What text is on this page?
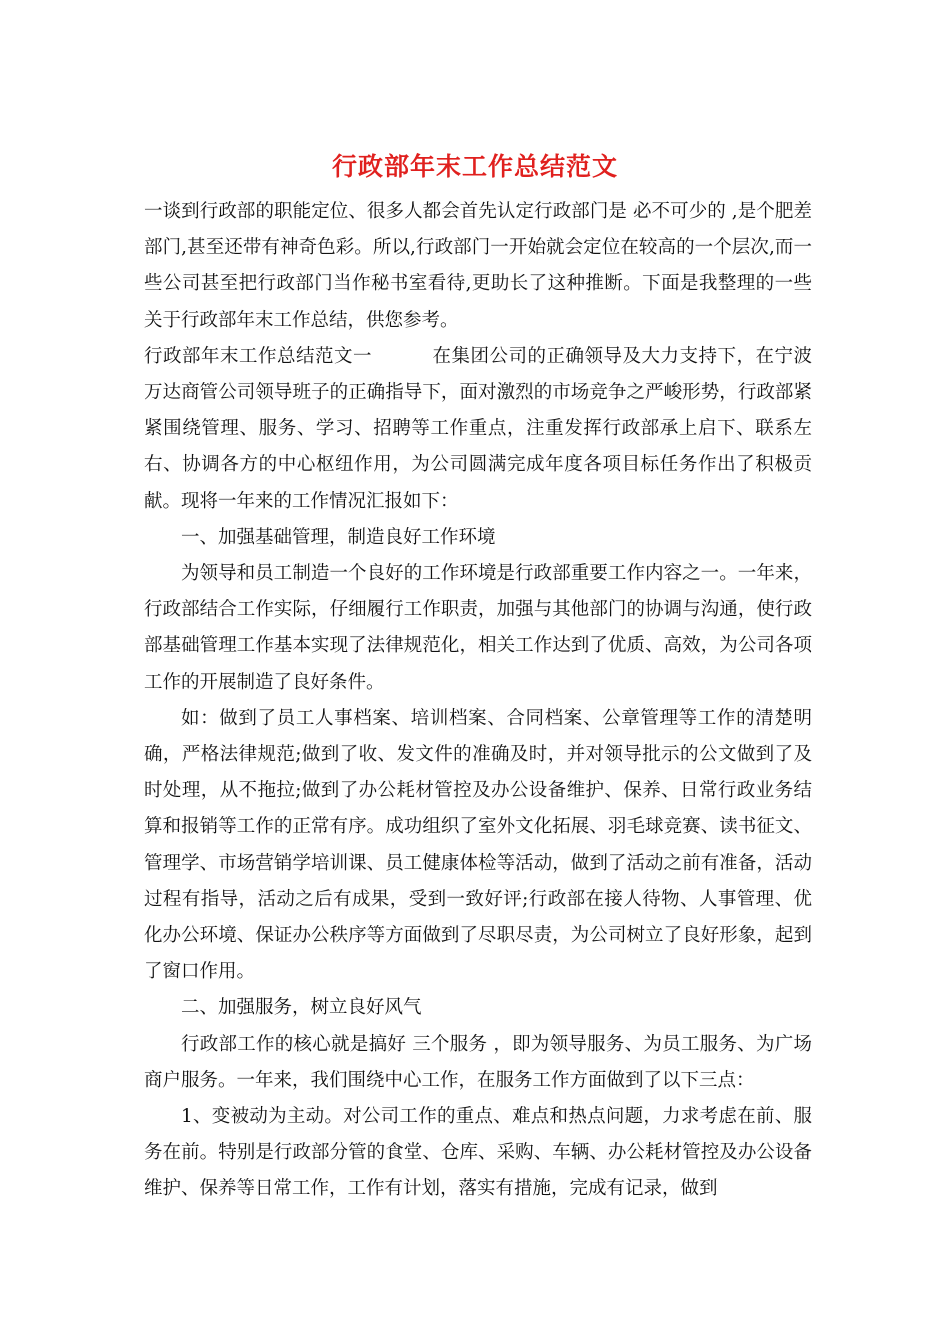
行政部年末工作总结范文

一谈到行政部的职能定位、很多人都会首先认定行政部门是 必不可少的 ,是个肥差 部门,甚至还带有神奇色彩。所以,行政部门一开始就会定位在较高的一个层次,而一些公司甚至把行政部门当作秘书室看待,更助长了这种推断。下面是我整理的一些关于行政部年末工作总结，供您参考。

行政部年末工作总结范文一	在集团公司的正确领导及大力支持下，在宁波万达商管公司领导班子的正确指导下，面对激烈的市场竞争之严峻形势，行政部紧紧围绕管理、服务、学习、招聘等工作重点，注重发挥行政部承上启下、联系左右、协调各方的中心枢纽作用，为公司圆满完成年度各项目标任务作出了积极贡献。现将一年来的工作情况汇报如下：

一、加强基础管理，制造良好工作环境

为领导和员工制造一个良好的工作环境是行政部重要工作内容之一。一年来，行政部结合工作实际，仔细履行工作职责，加强与其他部门的协调与沟通，使行政部基础管理工作基本实现了法律规范化，相关工作达到了优质、高效，为公司各项工作的开展制造了良好条件。

如：做到了员工人事档案、培训档案、合同档案、公章管理等工作的清楚明确，严格法律规范;做到了收、发文件的准确及时，并对领导批示的公文做到了及时处理，从不拖拉;做到了办公耗材管控及办公设备维护、保养、日常行政业务结算和报销等工作的正常有序。成功组织了室外文化拓展、羽毛球竞赛、读书征文、管理学、市场营销学培训课、员工健康体检等活动，做到了活动之前有准备，活动过程有指导，活动之后有成果，受到一致好评;行政部在接人待物、人事管理、优化办公环境、保证办公秩序等方面做到了尽职尽责，为公司树立了良好形象，起到了窗口作用。

二、加强服务，树立良好风气

行政部工作的核心就是搞好 三个服务 ，即为领导服务、为员工服务、为广场商户服务。一年来，我们围绕中心工作，在服务工作方面做到了以下三点：

1、变被动为主动。对公司工作的重点、难点和热点问题，力求考虑在前、服务在前。特别是行政部分管的食堂、仓库、采购、车辆、办公耗材管控及办公设备维护、保养等日常工作，工作有计划，落实有措施，完成有记录，做到
